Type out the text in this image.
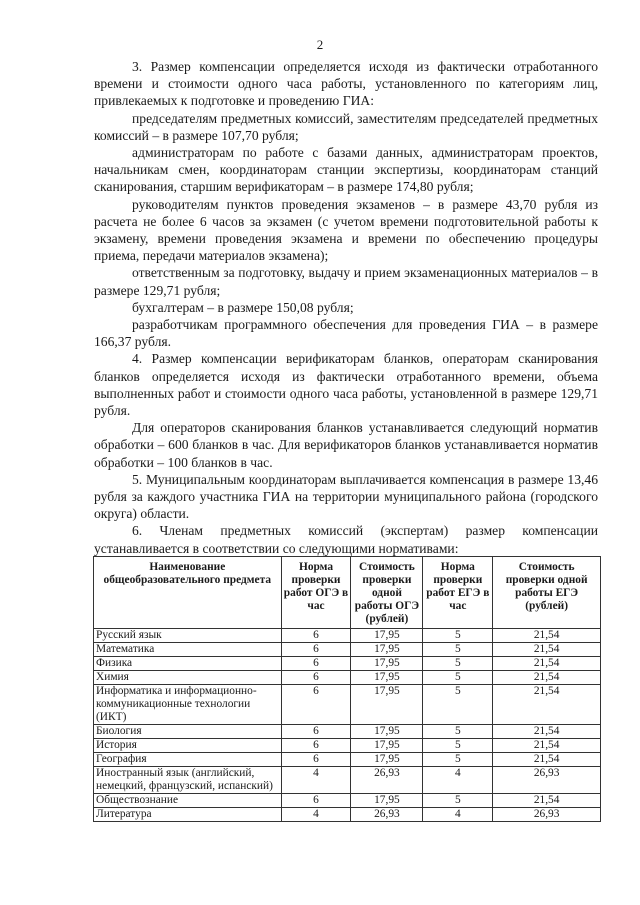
2

3. Размер компенсации определяется исходя из фактически отработанного времени и стоимости одного часа работы, установленного по категориям лиц, привлекаемых к подготовке и проведению ГИА:

председателям предметных комиссий, заместителям председателей предметных комиссий – в размере 107,70 рубля;

администраторам по работе с базами данных, администраторам проектов, начальникам смен, координаторам станции экспертизы, координаторам станций сканирования, старшим верификаторам – в размере 174,80 рубля;

руководителям пунктов проведения экзаменов – в размере 43,70 рубля из расчета не более 6 часов за экзамен (с учетом времени подготовительной работы к экзамену, времени проведения экзамена и времени по обеспечению процедуры приема, передачи материалов экзамена);

ответственным за подготовку, выдачу и прием экзаменационных материалов – в размере 129,71 рубля;

бухгалтерам – в размере 150,08 рубля;

разработчикам программного обеспечения для проведения ГИА – в размере 166,37 рубля.

4. Размер компенсации верификаторам бланков, операторам сканирования бланков определяется исходя из фактически отработанного времени, объема выполненных работ и стоимости одного часа работы, установленной в размере 129,71 рубля.

Для операторов сканирования бланков устанавливается следующий норматив обработки – 600 бланков в час. Для верификаторов бланков устанавливается норматив обработки – 100 бланков в час.

5. Муниципальным координаторам выплачивается компенсация в размере 13,46 рубля за каждого участника ГИА на территории муниципального района (городского округа) области.

6. Членам предметных комиссий (экспертам) размер компенсации устанавливается в соответствии со следующими нормативами:

Наименование общеобразовательного предмета	Норма проверки работ ОГЭ в час	Стоимость проверки одной работы ОГЭ (рублей)	Норма проверки работ ЕГЭ в час	Стоимость проверки одной работы ЕГЭ (рублей)
Русский язык	6	17,95	5	21,54
Математика	6	17,95	5	21,54
Физика	6	17,95	5	21,54
Химия	6	17,95	5	21,54
Информатика и информационно-коммуникационные технологии (ИКТ)	6	17,95	5	21,54
Биология	6	17,95	5	21,54
История	6	17,95	5	21,54
География	6	17,95	5	21,54
Иностранный язык (английский, немецкий, французский, испанский)	4	26,93	4	26,93
Обществознание	6	17,95	5	21,54
Литература	4	26,93	4	26,93
